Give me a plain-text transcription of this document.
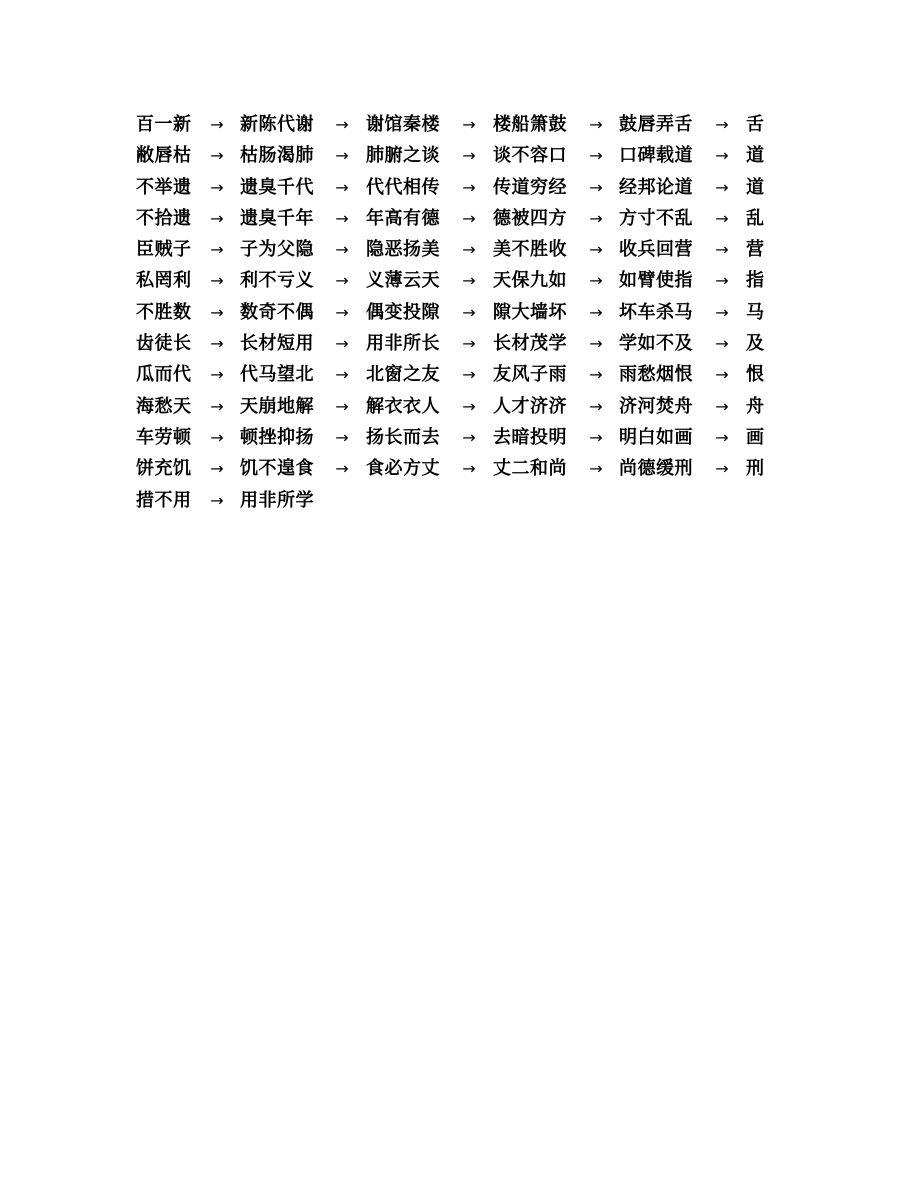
百一新 → 新陈代谢 → 谢馆秦楼 → 楼船箫鼓 → 鼓唇弄舌 → 舌
敝唇枯 → 枯肠渴肺 → 肺腑之谈 → 谈不容口 → 口碑载道 → 道
不举遗 → 遗臭千代 → 代代相传 → 传道穷经 → 经邦论道 → 道
不拾遗 → 遗臭千年 → 年高有德 → 德被四方 → 方寸不乱 → 乱
臣贼子 → 子为父隐 → 隐恶扬美 → 美不胜收 → 收兵回营 → 营
私罔利 → 利不亏义 → 义薄云天 → 天保九如 → 如臂使指 → 指
不胜数 → 数奇不偶 → 偶变投隙 → 隙大墙坏 → 坏车杀马 → 马
齿徒长 → 长材短用 → 用非所长 → 长材茂学 → 学如不及 → 及
瓜而代 → 代马望北 → 北窗之友 → 友风子雨 → 雨愁烟恨 → 恨
海愁天 → 天崩地解 → 解衣衣人 → 人才济济 → 济河焚舟 → 舟
车劳顿 → 顿挫抑扬 → 扬长而去 → 去暗投明 → 明白如画 → 画
饼充饥 → 饥不遑食 → 食必方丈 → 丈二和尚 → 尚德缓刑 → 刑
措不用 → 用非所学
